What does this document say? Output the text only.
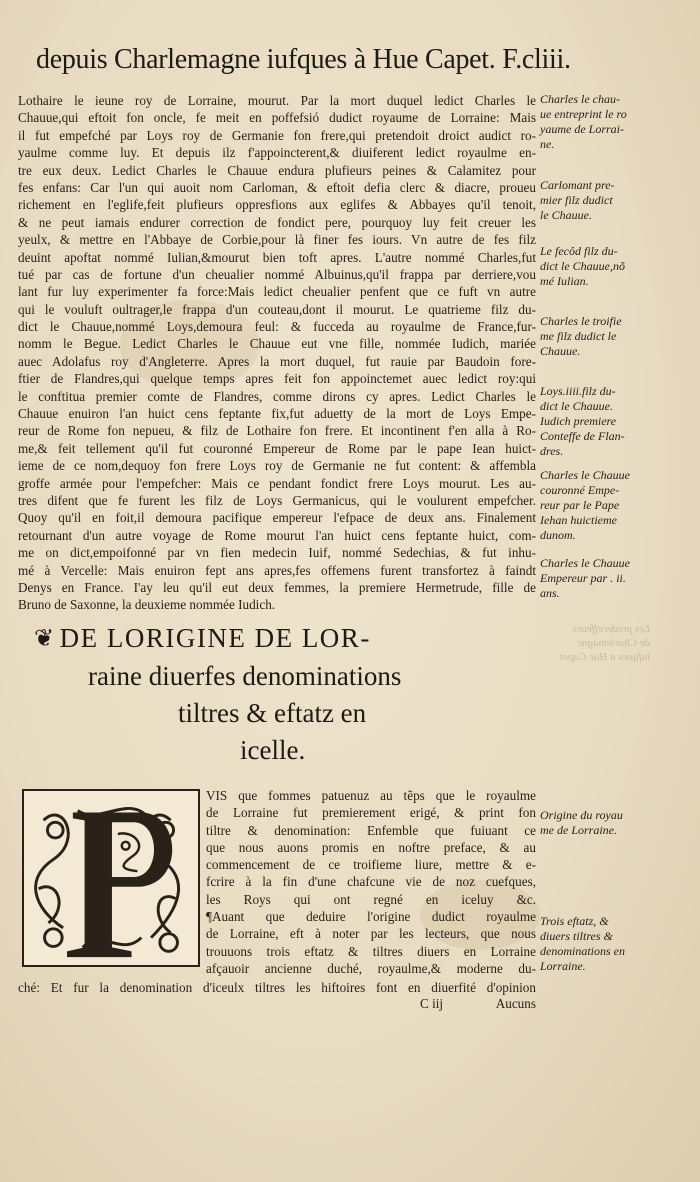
depuis Charlemagne iufques à Hue Capet. F.cliii.
Lothaire le ieune roy de Lorraine, mourut. Par la mort duquel ledict Charles le
Chauue,qui eftoit fon oncle, fe meit en poffefsió dudict royaume de Lorraine: Mais
il fut empefché par Loys roy de Germanie fon frere,qui pretendoit droict audict ro-
yaulme comme luy. Et depuis ilz f'appoincterent,& diuiferent ledict royaulme en-
tre eux deux. Ledict Charles le Chauue endura plufieurs peines & Calamitez pour
fes enfans: Car l'un qui auoit nom Carloman, & eftoit defia clerc & diacre, proueu
richement en l'eglife,feit plufieurs oppresfions aux eglifes & Abbayes qu'il tenoit,
& ne peut iamais endurer correction de fondict pere, pourquoy luy feit creuer les
yeulx, & mettre en l'Abbaye de Corbie,pour là finer fes iours. Vn autre de fes filz
deuint apoftat nommé Iulian,&mourut bien toft apres. L'autre nommé Charles,fut
tué par cas de fortune d'un cheualier nommé Albuinus,qu'il frappa par derriere,vou
lant fur luy experimenter fa force:Mais ledict cheualier penfent que ce fuft vn autre
qui le vouluft oultrager,le frappa d'un couteau,dont il mourut. Le quatrieme filz du-
dict le Chauue,nommé Loys,demoura feul: & fucceda au royaulme de France,fur-
nomm le Begue. Ledict Charles le Chauue eut vne fille, nommée Iudich, mariée
auec Adolafus roy d'Angleterre. Apres la mort duquel, fut rauie par Baudoin fore-
ftier de Flandres,qui quelque temps apres feit fon appoinctemet auec ledict roy:qui
le conftitua premier comte de Flandres, comme dirons cy apres. Ledict Charles le
Chauue enuiron l'an huict cens feptante fix,fut aduetty de la mort de Loys Empe-
reur de Rome fon nepueu, & filz de Lothaire fon frere. Et incontinent f'en alla à Ro-
me,& feit tellement qu'il fut couronné Empereur de Rome par le pape Iean huict-
ieme de ce nom,dequoy fon frere Loys roy de Germanie ne fut content: & affembla
groffe armée pour l'empefcher: Mais ce pendant fondict frere Loys mourut. Les au-
tres difent que fe furent les filz de Loys Germanicus, qui le voulurent empefcher.
Quoy qu'il en foit,il demoura pacifique empereur l'efpace de deux ans. Finalement
retournant d'un autre voyage de Rome mourut l'an huict cens feptante huict, com-
me on dict,empoifonné par vn fien medecin Iuif, nommé Sedechias, & fut inhu-
mé à Vercelle: Mais enuiron fept ans apres,fes offemens furent transfortez à faindt
Denys en France. I'ay leu qu'il eut deux femmes, la premiere Hermetrude, fille de
Bruno de Saxonne, la deuxieme nommée Iudich.
Charles le chau-
ue entreprint le ro
yaume de Lorrai-
ne.
Carlomant pre-
mier filz dudict
le Chauue.
Le fecôd filz du-
dict le Chauue,nõ
mé Iulian.
Charles le troifie
me filz dudict le
Chauue.
Loys.iiii.filz du-
dict le Chauue.
Iudich premiere
Conteffe de Flan-
dres.
Charles le Chauue
couronné Empe-
reur par le Pape
Iehan huictieme
dunom.
Charles le Chauue
Empereur par . ii.
ans.
Les predeceffeurs
de Charlemagne
iufques a Hue Capet
❦ DE LORIGINE DE LOR-
raine diuerfes denominations
tiltres & eftatz en
icelle.
VIS que fommes patuenuz au tẽps que le royaulme
de Lorraine fut premierement erigé, & print fon
tiltre & denomination: Enfemble que fuiuant ce
que nous auons promis en noftre preface, & au
commencement de ce troifieme liure, mettre & e-
fcrire à la fin d'une chafcune vie de noz cuefques,
les Roys qui ont regné en iceluy &c.
¶Auant que deduire l'origine dudict royaulme
de Lorraine, eft à noter par les lecteurs, que nous
trouuons trois eftatz & tiltres diuers en Lorraine
afçauoir ancienne duché, royaulme,& moderne du-
ché: Et fur la denomination d'iceulx tiltres les hiftoires font en diuerfité d'opinion
C iij	Aucuns
Origine du royau
me de Lorraine.
Trois eftatz, &
diuers tiltres &
denominations en
Lorraine.
